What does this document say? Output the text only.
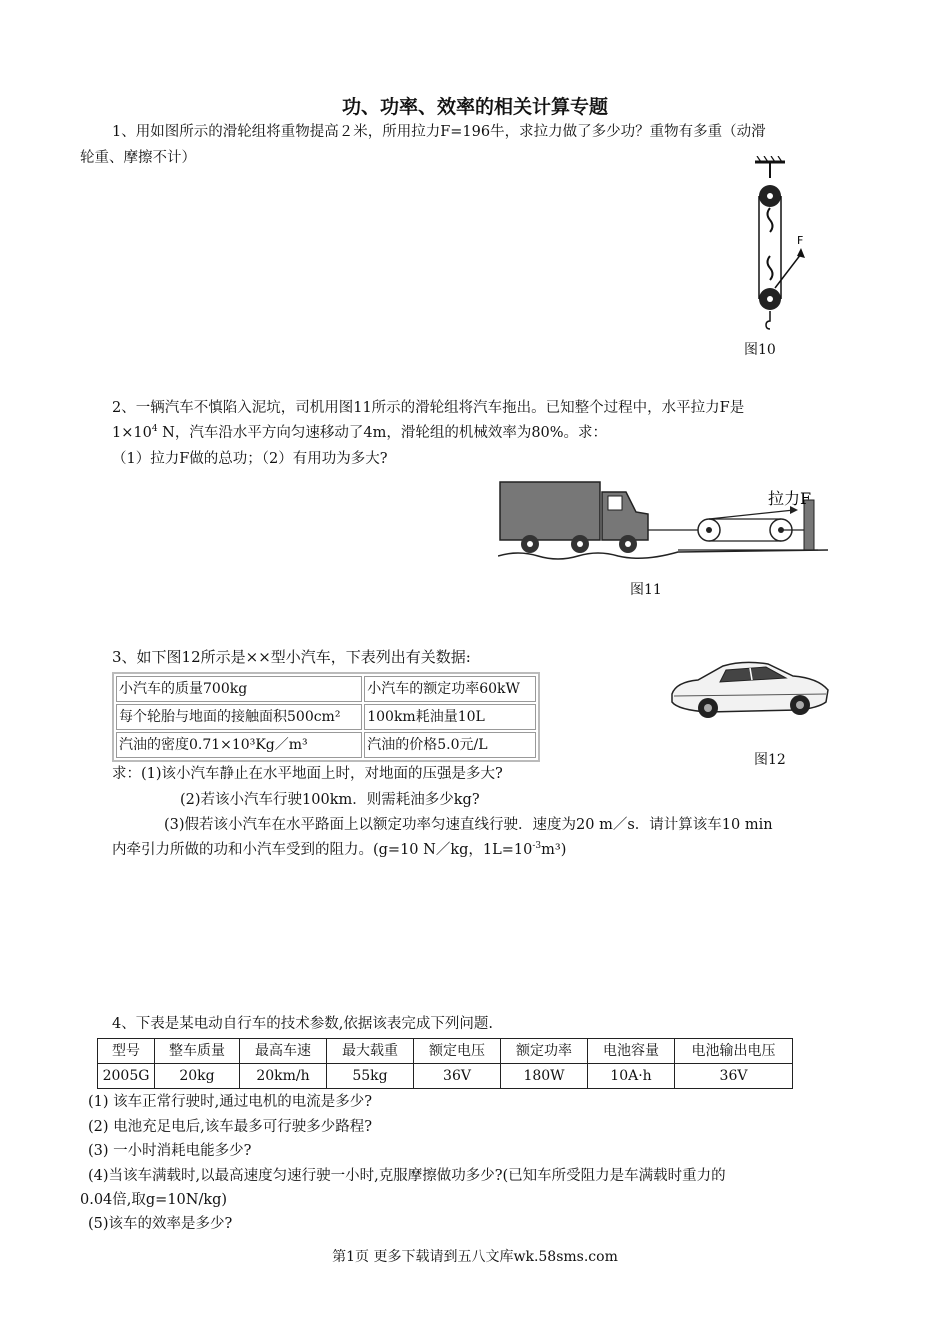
功、功率、效率的相关计算专题
1、用如图所示的滑轮组将重物提高２米，所用拉力F=196牛，求拉力做了多少功？重物有多重（动滑
轮重、摩擦不计）
F
图10
2、一辆汽车不慎陷入泥坑，司机用图11所示的滑轮组将汽车拖出。已知整个过程中，水平拉力F是
$1\times 10^4$ N，汽车沿水平方向匀速移动了4m，滑轮组的机械效率为80%。求：
（1）拉力F做的总功；（2）有用功为多大?
拉力F
图11
3、如下图12所示是××型小汽车，下表列出有关数据:
小汽车的质量700kg	小汽车的额定功率60kW
每个轮胎与地面的接触面积500cm²	100km耗油量10L
汽油的密度0.71×10³Kg／m³	汽油的价格5.0元/L
图12
求：(1)该小汽车静止在水平地面上时，对地面的压强是多大?
(2)若该小汽车行驶100km．则需耗油多少kg?
(3)假若该小汽车在水平路面上以额定功率匀速直线行驶．速度为20 m／s．请计算该车10 min
内牵引力所做的功和小汽车受到的阻力。(g=10 N／kg，$1L=10^{-3}m^3$)
4、下表是某电动自行车的技术参数,依据该表完成下列问题.
型号	整车质量	最高车速	最大载重	额定电压	额定功率	电池容量	电池输出电压
2005G	20kg	20km/h	55kg	36V	180W	10A·h	36V
(1) 该车正常行驶时,通过电机的电流是多少?
(2) 电池充足电后,该车最多可行驶多少路程?
(3) 一小时消耗电能多少?
(4)当该车满载时,以最高速度匀速行驶一小时,克服摩擦做功多少?(已知车所受阻力是车满载时重力的
0.04倍,取g=10N/kg)
(5)该车的效率是多少?
第1页 更多下载请到五八文库wk.58sms.com
